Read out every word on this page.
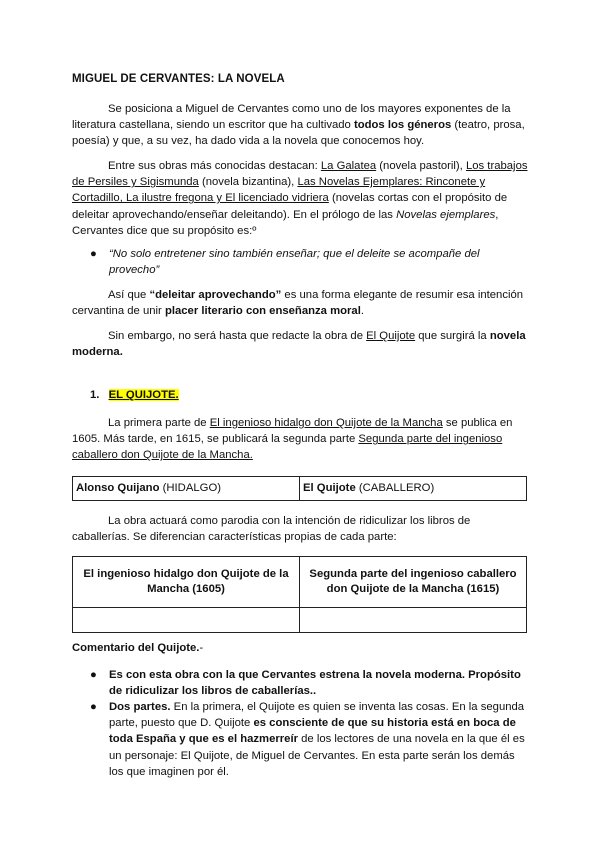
MIGUEL DE CERVANTES: LA NOVELA
Se posiciona a Miguel de Cervantes como uno de los mayores exponentes de la literatura castellana, siendo un escritor que ha cultivado todos los géneros (teatro, prosa, poesía) y que, a su vez, ha dado vida a la novela que conocemos hoy.
Entre sus obras más conocidas destacan: La Galatea (novela pastoril), Los trabajos de Persiles y Sigismunda (novela bizantina), Las Novelas Ejemplares: Rinconete y Cortadillo, La ilustre fregona y El licenciado vidriera (novelas cortas con el propósito de deleitar aprovechando/enseñar deleitando). En el prólogo de las Novelas ejemplares, Cervantes dice que su propósito es:º
● “No solo entretener sino también enseñar; que el deleite se acompañe del provecho”
Así que “deleitar aprovechando” es una forma elegante de resumir esa intención cervantina de unir placer literario con enseñanza moral.
Sin embargo, no será hasta que redacte la obra de El Quijote que surgirá la novela moderna.
1. EL QUIJOTE.
La primera parte de El ingenioso hidalgo don Quijote de la Mancha se publica en 1605. Más tarde, en 1615, se publicará la segunda parte Segunda parte del ingenioso caballero don Quijote de la Mancha.
Alonso Quijano (HIDALGO)	El Quijote (CABALLERO)
La obra actuará como parodia con la intención de ridiculizar los libros de caballerías. Se diferencian características propias de cada parte:
El ingenioso hidalgo don Quijote de la Mancha (1605)	Segunda parte del ingenioso caballero don Quijote de la Mancha (1615)

Comentario del Quijote.-
● Es con esta obra con la que Cervantes estrena la novela moderna. Propósito de ridiculizar los libros de caballerías..
● Dos partes. En la primera, el Quijote es quien se inventa las cosas. En la segunda parte, puesto que D. Quijote es consciente de que su historia está en boca de toda España y que es el hazmerreír de los lectores de una novela en la que él es un personaje: El Quijote, de Miguel de Cervantes. En esta parte serán los demás los que imaginen por él.
